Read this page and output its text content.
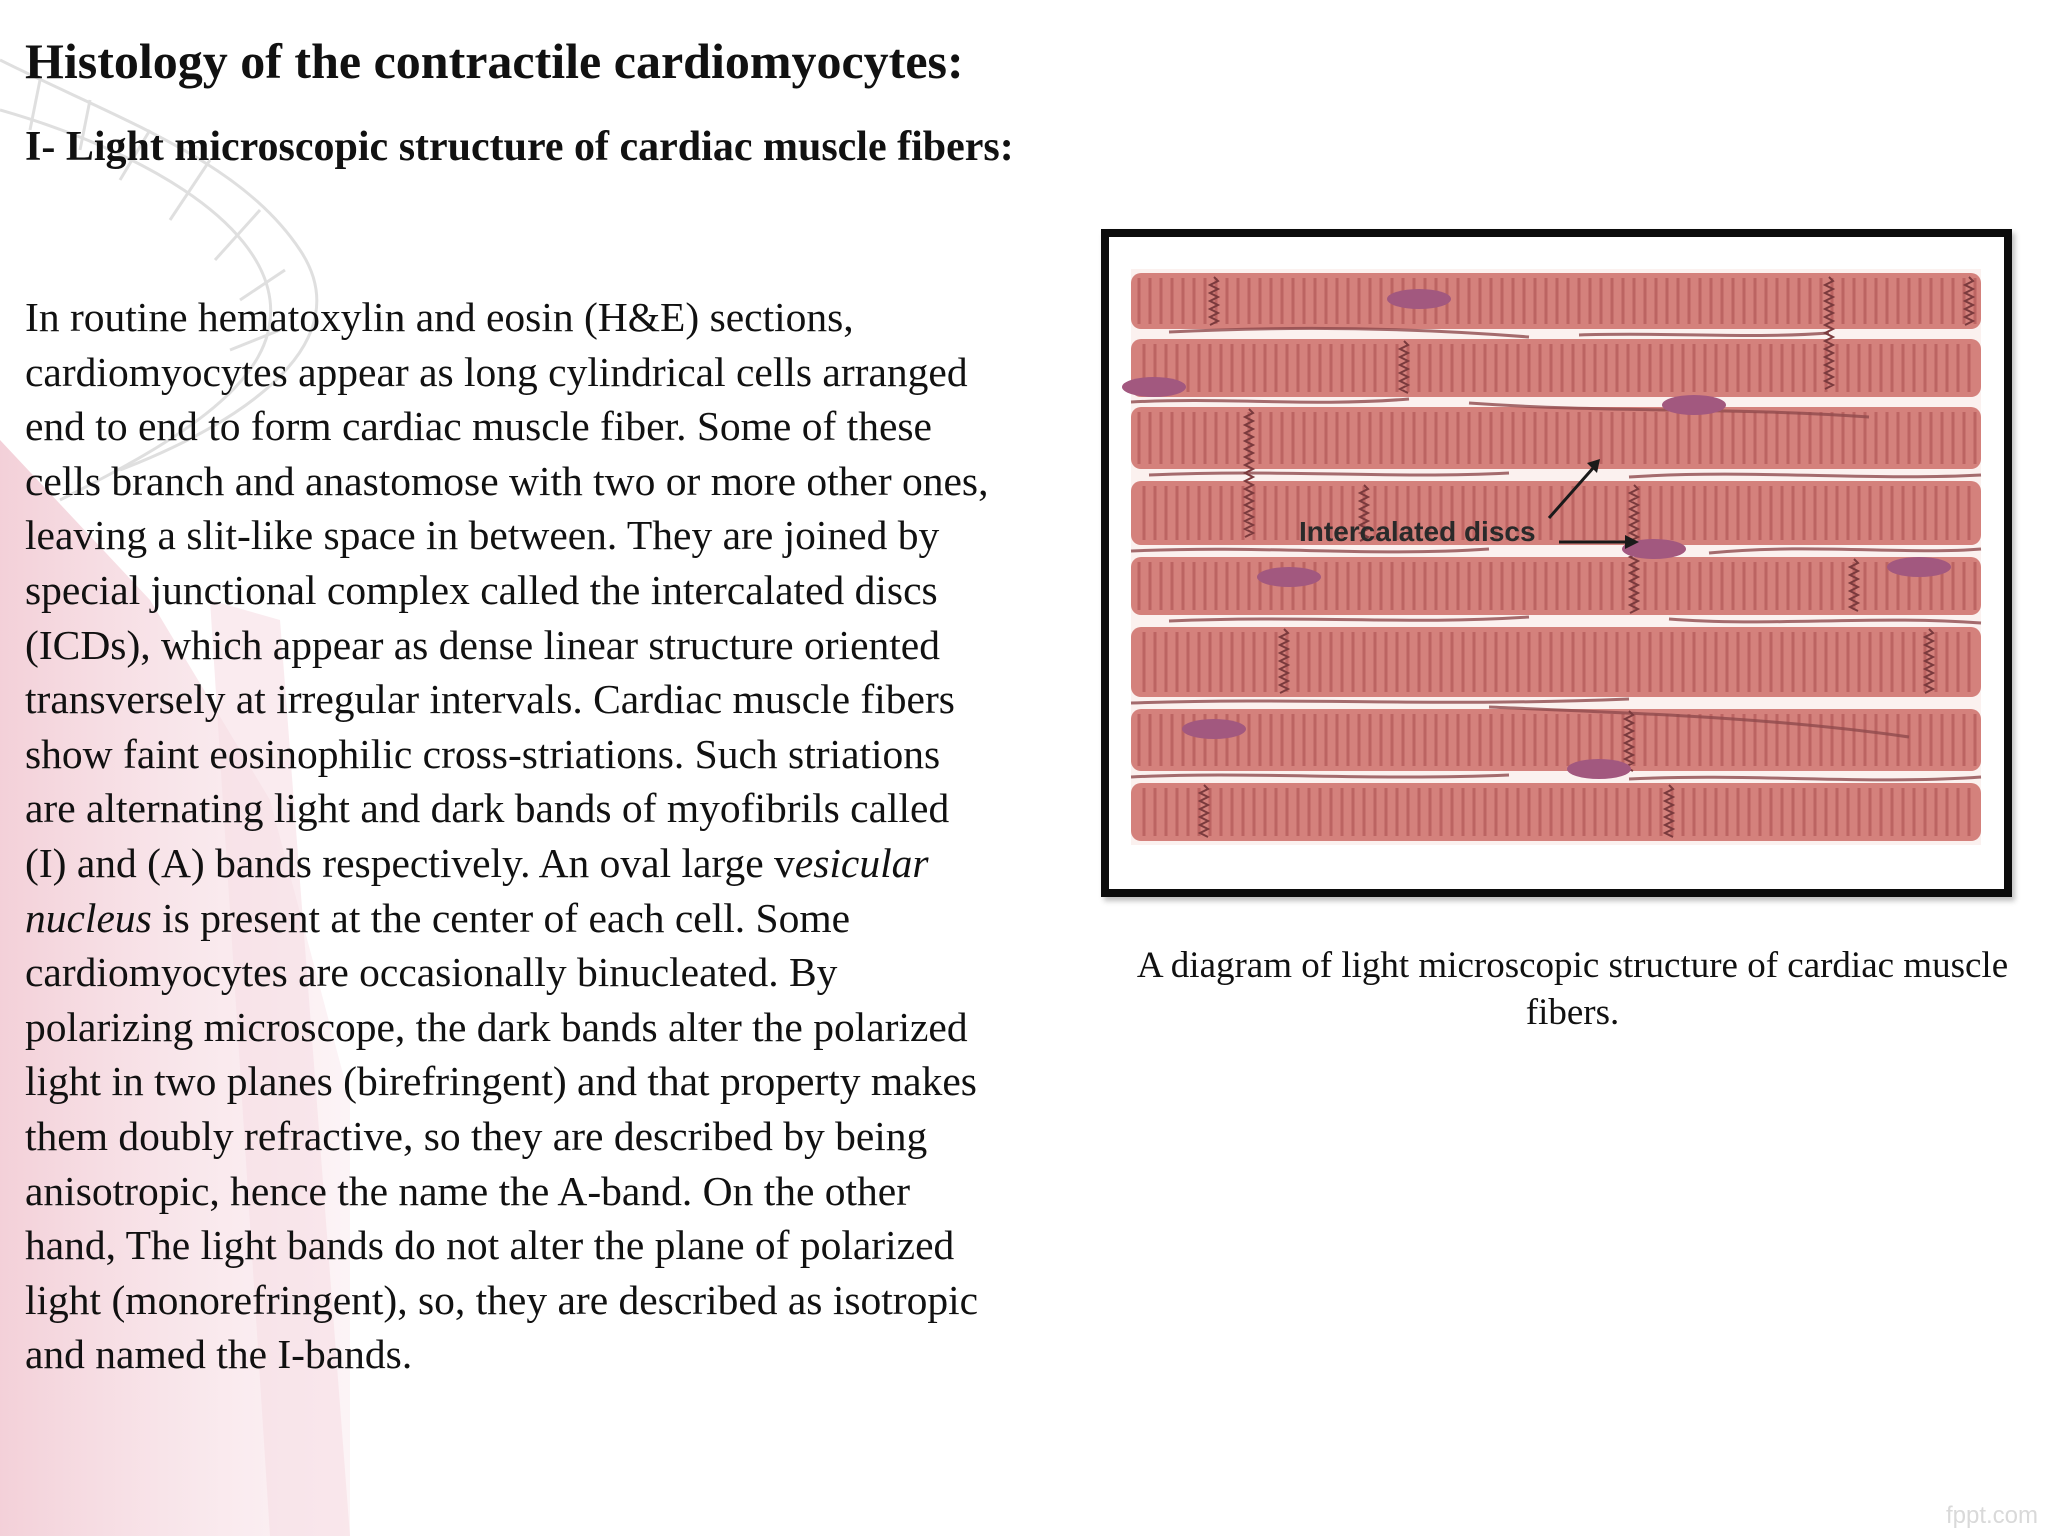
Histology of the contractile cardiomyocytes:
I- Light microscopic structure of cardiac muscle fibers:

In routine hematoxylin and eosin (H&E) sections,
cardiomyocytes appear as long cylindrical cells arranged
end to end to form cardiac muscle fiber. Some of these
cells branch and anastomose with two or more other ones,
leaving a slit-like space in between. They are joined by
special junctional complex called the intercalated discs
(ICDs), which appear as dense linear structure oriented
transversely at irregular intervals. Cardiac muscle fibers
show faint eosinophilic cross-striations. Such striations
are alternating light and dark bands of myofibrils called
(I) and (A) bands respectively. An oval large vesicular
nucleus is present at the center of each cell. Some
cardiomyocytes are occasionally binucleated. By
polarizing microscope, the dark bands alter the polarized
light in two planes (birefringent) and that property makes
them doubly refractive, so they are described by being
anisotropic, hence the name the A-band. On the other
hand, The light bands do not alter the plane of polarized
light (monorefringent), so, they are described as isotropic
and named the I-bands.

Intercalated discs

A diagram of light microscopic structure of cardiac muscle fibers.

fppt.com
